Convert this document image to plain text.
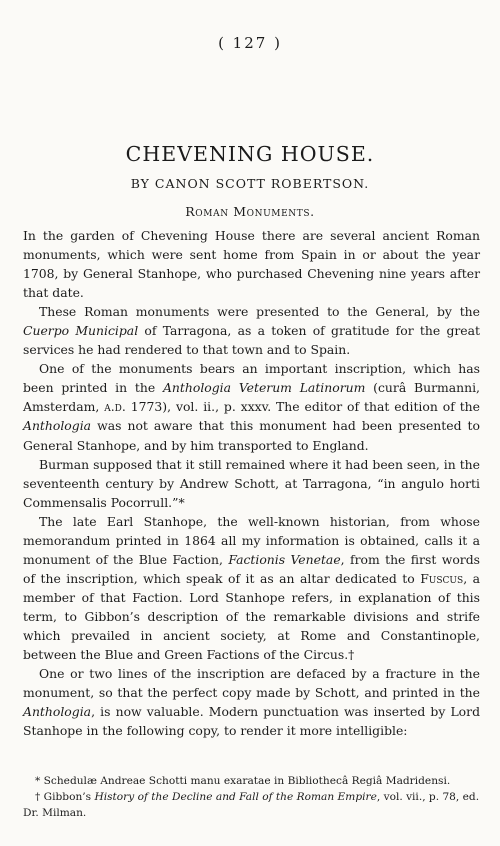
( 127 )
CHEVENING HOUSE.
BY CANON SCOTT ROBERTSON.
Roman Monuments.

In the garden of Chevening House there are several ancient Roman monuments, which were sent home from Spain in or about the year 1708, by General Stanhope, who purchased Chevening nine years after that date.

These Roman monuments were presented to the General, by the Cuerpo Municipal of Tarragona, as a token of gratitude for the great services he had rendered to that town and to Spain.

One of the monuments bears an important inscription, which has been printed in the Anthologia Veterum Latinorum (curâ Burmanni, Amsterdam, a.d. 1773), vol. ii., p. xxxv. The editor of that edition of the Anthologia was not aware that this monument had been presented to General Stanhope, and by him transported to England.

Burman supposed that it still remained where it had been seen, in the seventeenth century by Andrew Schott, at Tarragona, “in angulo horti Commensalis Pocorrull.”*

The late Earl Stanhope, the well-known historian, from whose memorandum printed in 1864 all my information is obtained, calls it a monument of the Blue Faction, Factionis Venetae, from the first words of the inscription, which speak of it as an altar dedicated to Fuscus, a member of that Faction. Lord Stanhope refers, in explanation of this term, to Gibbon’s description of the remarkable divisions and strife which prevailed in ancient society, at Rome and Constantinople, between the Blue and Green Factions of the Circus.†

One or two lines of the inscription are defaced by a fracture in the monument, so that the perfect copy made by Schott, and printed in the Anthologia, is now valuable. Modern punctuation was inserted by Lord Stanhope in the following copy, to render it more intelligible:

* Schedulæ Andreae Schotti manu exaratae in Bibliothecâ Regiâ Madridensi.

† Gibbon’s History of the Decline and Fall of the Roman Empire, vol. vii., p. 78, ed. Dr. Milman.
